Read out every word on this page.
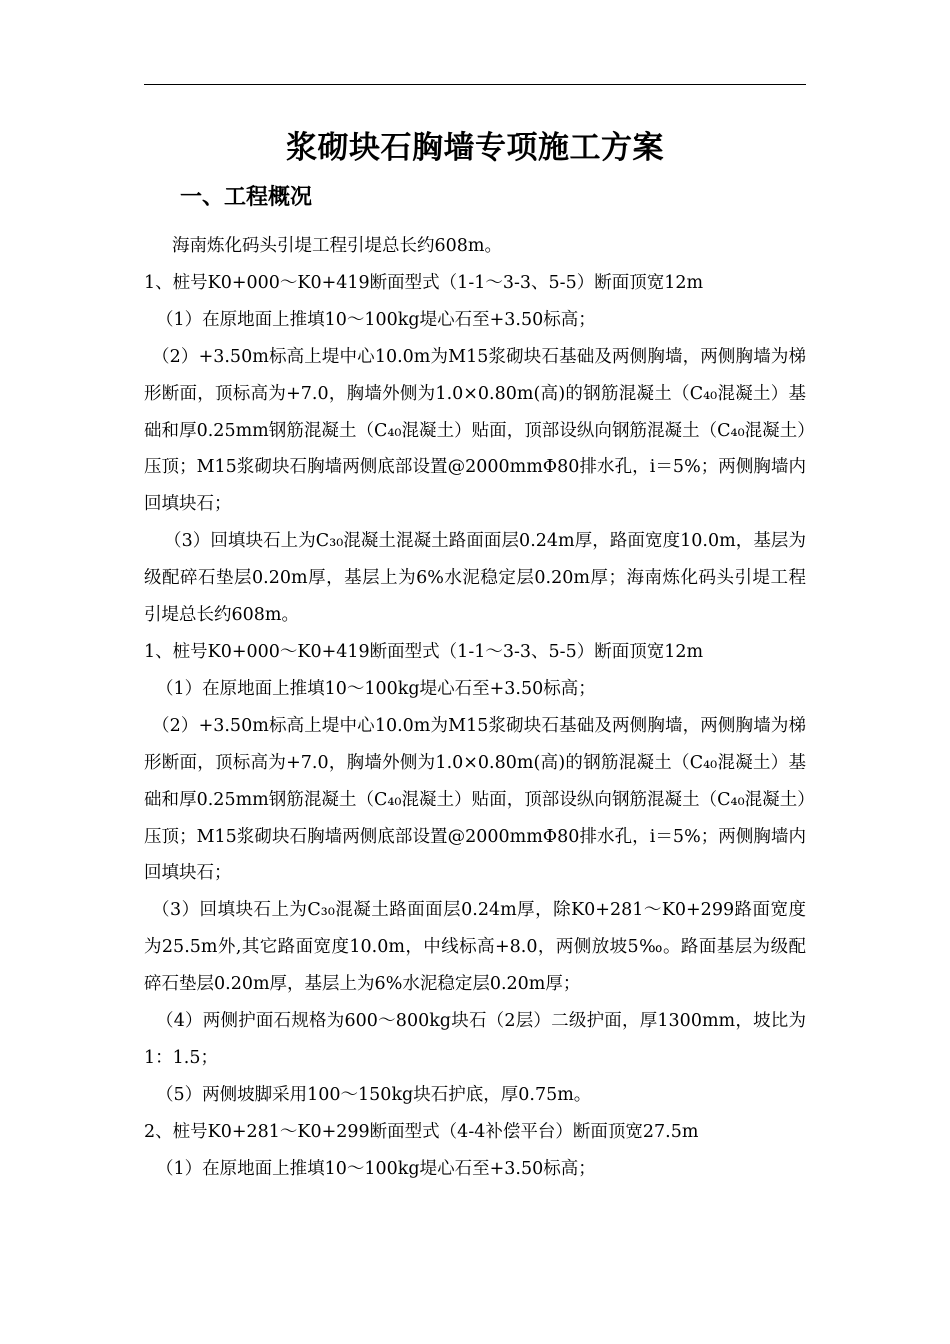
浆砌块石胸墙专项施工方案
一、工程概况

海南炼化码头引堤工程引堤总长约608m。

1、桩号K0+000～K0+419断面型式（1-1～3-3、5-5）断面顶宽12m

（1）在原地面上推填10～100kg堤心石至+3.50标高；

（2）+3.50m标高上堤中心10.0m为M15浆砌块石基础及两侧胸墙，两侧胸墙为梯形断面，顶标高为+7.0，胸墙外侧为1.0×0.80m(高)的钢筋混凝土（C₄₀混凝土）基础和厚0.25mm钢筋混凝土（C₄₀混凝土）贴面，顶部设纵向钢筋混凝土（C₄₀混凝土）压顶；M15浆砌块石胸墙两侧底部设置@2000mmΦ80排水孔，i＝5%；两侧胸墙内回填块石；

（3）回填块石上为C₃₀混凝土混凝土路面面层0.24m厚，路面宽度10.0m，基层为级配碎石垫层0.20m厚，基层上为6%水泥稳定层0.20m厚；海南炼化码头引堤工程引堤总长约608m。

1、桩号K0+000～K0+419断面型式（1-1～3-3、5-5）断面顶宽12m

（1）在原地面上推填10～100kg堤心石至+3.50标高；

（2）+3.50m标高上堤中心10.0m为M15浆砌块石基础及两侧胸墙，两侧胸墙为梯形断面，顶标高为+7.0，胸墙外侧为1.0×0.80m(高)的钢筋混凝土（C₄₀混凝土）基础和厚0.25mm钢筋混凝土（C₄₀混凝土）贴面，顶部设纵向钢筋混凝土（C₄₀混凝土）压顶；M15浆砌块石胸墙两侧底部设置@2000mmΦ80排水孔，i＝5%；两侧胸墙内回填块石；

（3）回填块石上为C₃₀混凝土路面面层0.24m厚，除K0+281～K0+299路面宽度为25.5m外,其它路面宽度10.0m，中线标高+8.0，两侧放坡5‰。路面基层为级配碎石垫层0.20m厚，基层上为6%水泥稳定层0.20m厚；

（4）两侧护面石规格为600～800kg块石（2层）二级护面，厚1300mm，坡比为1：1.5；

（5）两侧坡脚采用100～150kg块石护底，厚0.75m。

2、桩号K0+281～K0+299断面型式（4-4补偿平台）断面顶宽27.5m

（1）在原地面上推填10～100kg堤心石至+3.50标高；
